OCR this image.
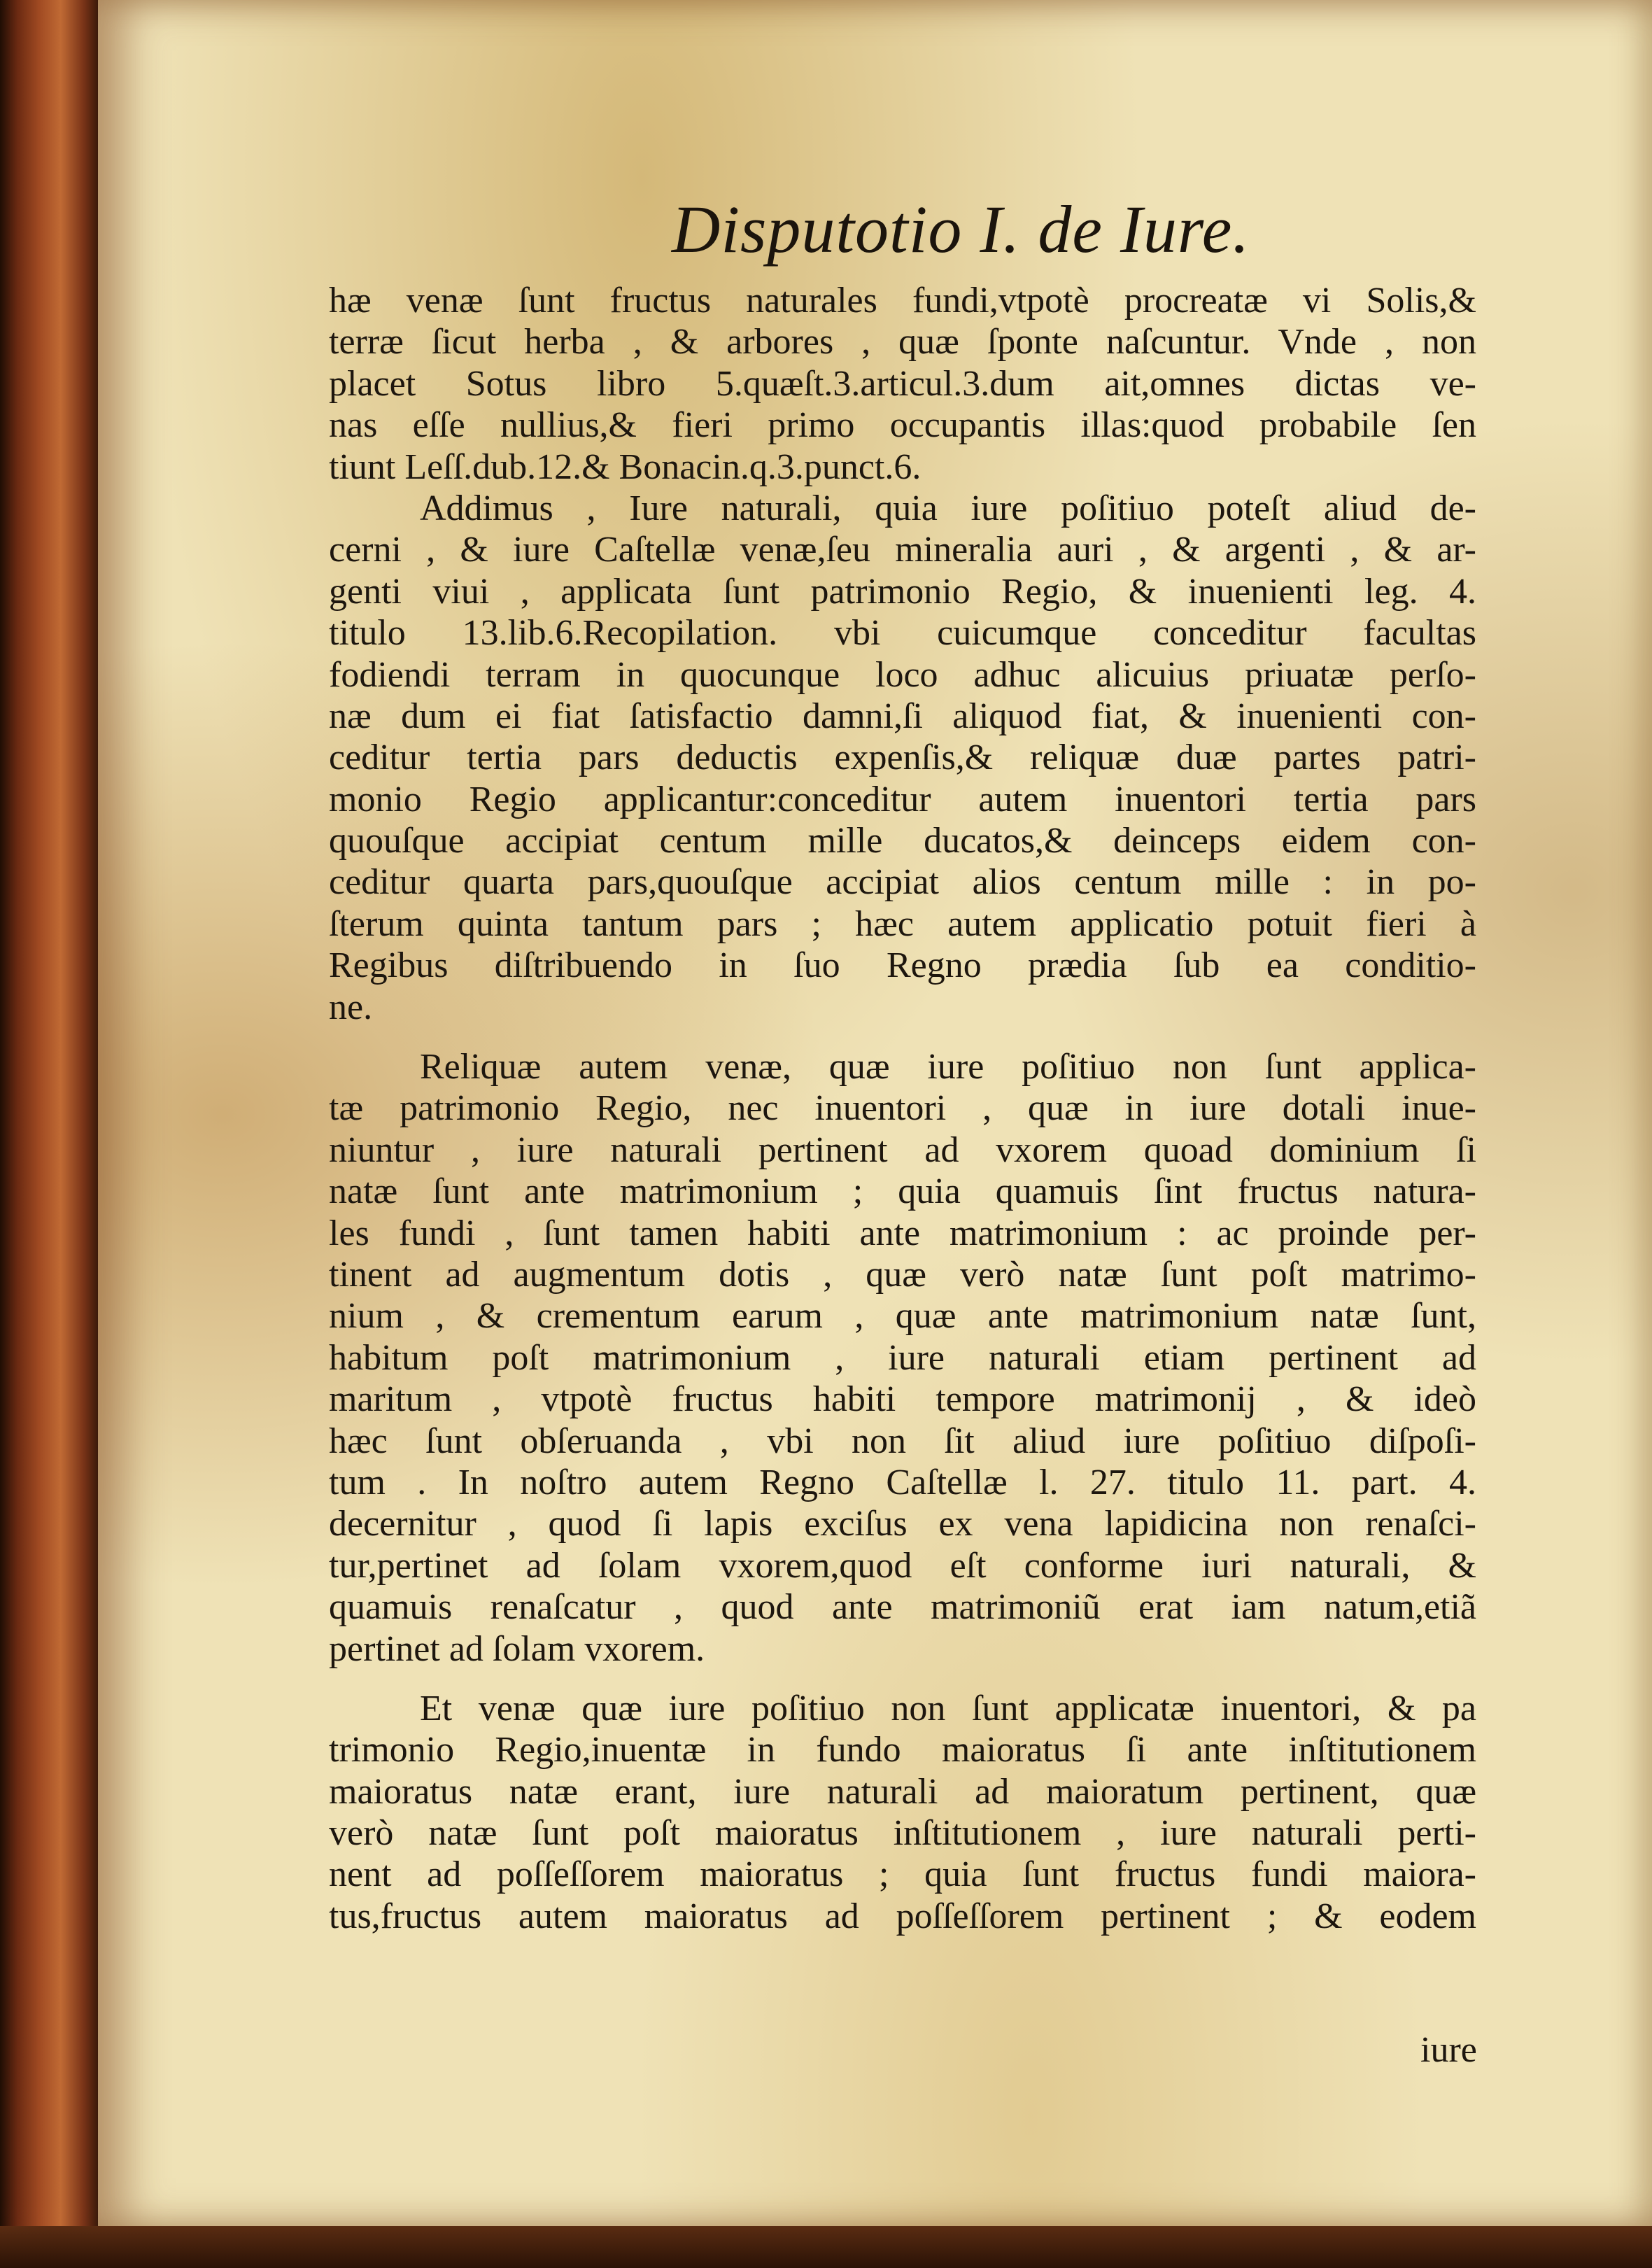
Disputotio I. de Iure.
hæ venæ ſunt fructus naturales fundi,vtpotè procreatæ vi Solis,&
terræ ſicut herba , & arbores , quæ ſponte naſcuntur. Vnde , non
placet Sotus libro 5.quæſt.3.articul.3.dum ait,omnes dictas ve-
nas eſſe nullius,& fieri primo occupantis illas:quod probabile ſen
tiunt Leſſ.dub.12.& Bonacin.q.3.punct.6.
Addimus , Iure naturali, quia iure poſitiuo poteſt aliud de-
cerni , & iure Caſtellæ venæ,ſeu mineralia auri , & argenti , & ar-
genti viui , applicata ſunt patrimonio Regio, & inuenienti leg. 4.
titulo 13.lib.6.Recopilation. vbi cuicumque conceditur facultas
fodiendi terram in quocunque loco adhuc alicuius priuatæ perſo-
næ dum ei fiat ſatisfactio damni,ſi aliquod fiat, & inuenienti con-
ceditur tertia pars deductis expenſis,& reliquæ duæ partes patri-
monio Regio applicantur:conceditur autem inuentori tertia pars
quouſque accipiat centum mille ducatos,& deinceps eidem con-
ceditur quarta pars,quouſque accipiat alios centum mille : in po-
ſterum quinta tantum pars ; hæc autem applicatio potuit fieri à
Regibus diſtribuendo in ſuo Regno prædia ſub ea conditio-
ne.
Reliquæ autem venæ, quæ iure poſitiuo non ſunt applica-
tæ patrimonio Regio, nec inuentori , quæ in iure dotali inue-
niuntur , iure naturali pertinent ad vxorem quoad dominium ſi
natæ ſunt ante matrimonium ; quia quamuis ſint fructus natura-
les fundi , ſunt tamen habiti ante matrimonium : ac proinde per-
tinent ad augmentum dotis , quæ verò natæ ſunt poſt matrimo-
nium , & crementum earum , quæ ante matrimonium natæ ſunt,
habitum poſt matrimonium , iure naturali etiam pertinent ad
maritum , vtpotè fructus habiti tempore matrimonij , & ideò
hæc ſunt obſeruanda , vbi non ſit aliud iure poſitiuo diſpoſi-
tum . In noſtro autem Regno Caſtellæ l. 27. titulo 11. part. 4.
decernitur , quod ſi lapis exciſus ex vena lapidicina non renaſci-
tur,pertinet ad ſolam vxorem,quod eſt conforme iuri naturali, &
quamuis renaſcatur , quod ante matrimoniũ erat iam natum,etiã
pertinet ad ſolam vxorem.
Et venæ quæ iure poſitiuo non ſunt applicatæ inuentori, & pa
trimonio Regio,inuentæ in fundo maioratus ſi ante inſtitutionem
maioratus natæ erant, iure naturali ad maioratum pertinent, quæ
verò natæ ſunt poſt maioratus inſtitutionem , iure naturali perti-
nent ad poſſeſſorem maioratus ; quia ſunt fructus fundi maiora-
tus,fructus autem maioratus ad poſſeſſorem pertinent ; & eodem
iure
